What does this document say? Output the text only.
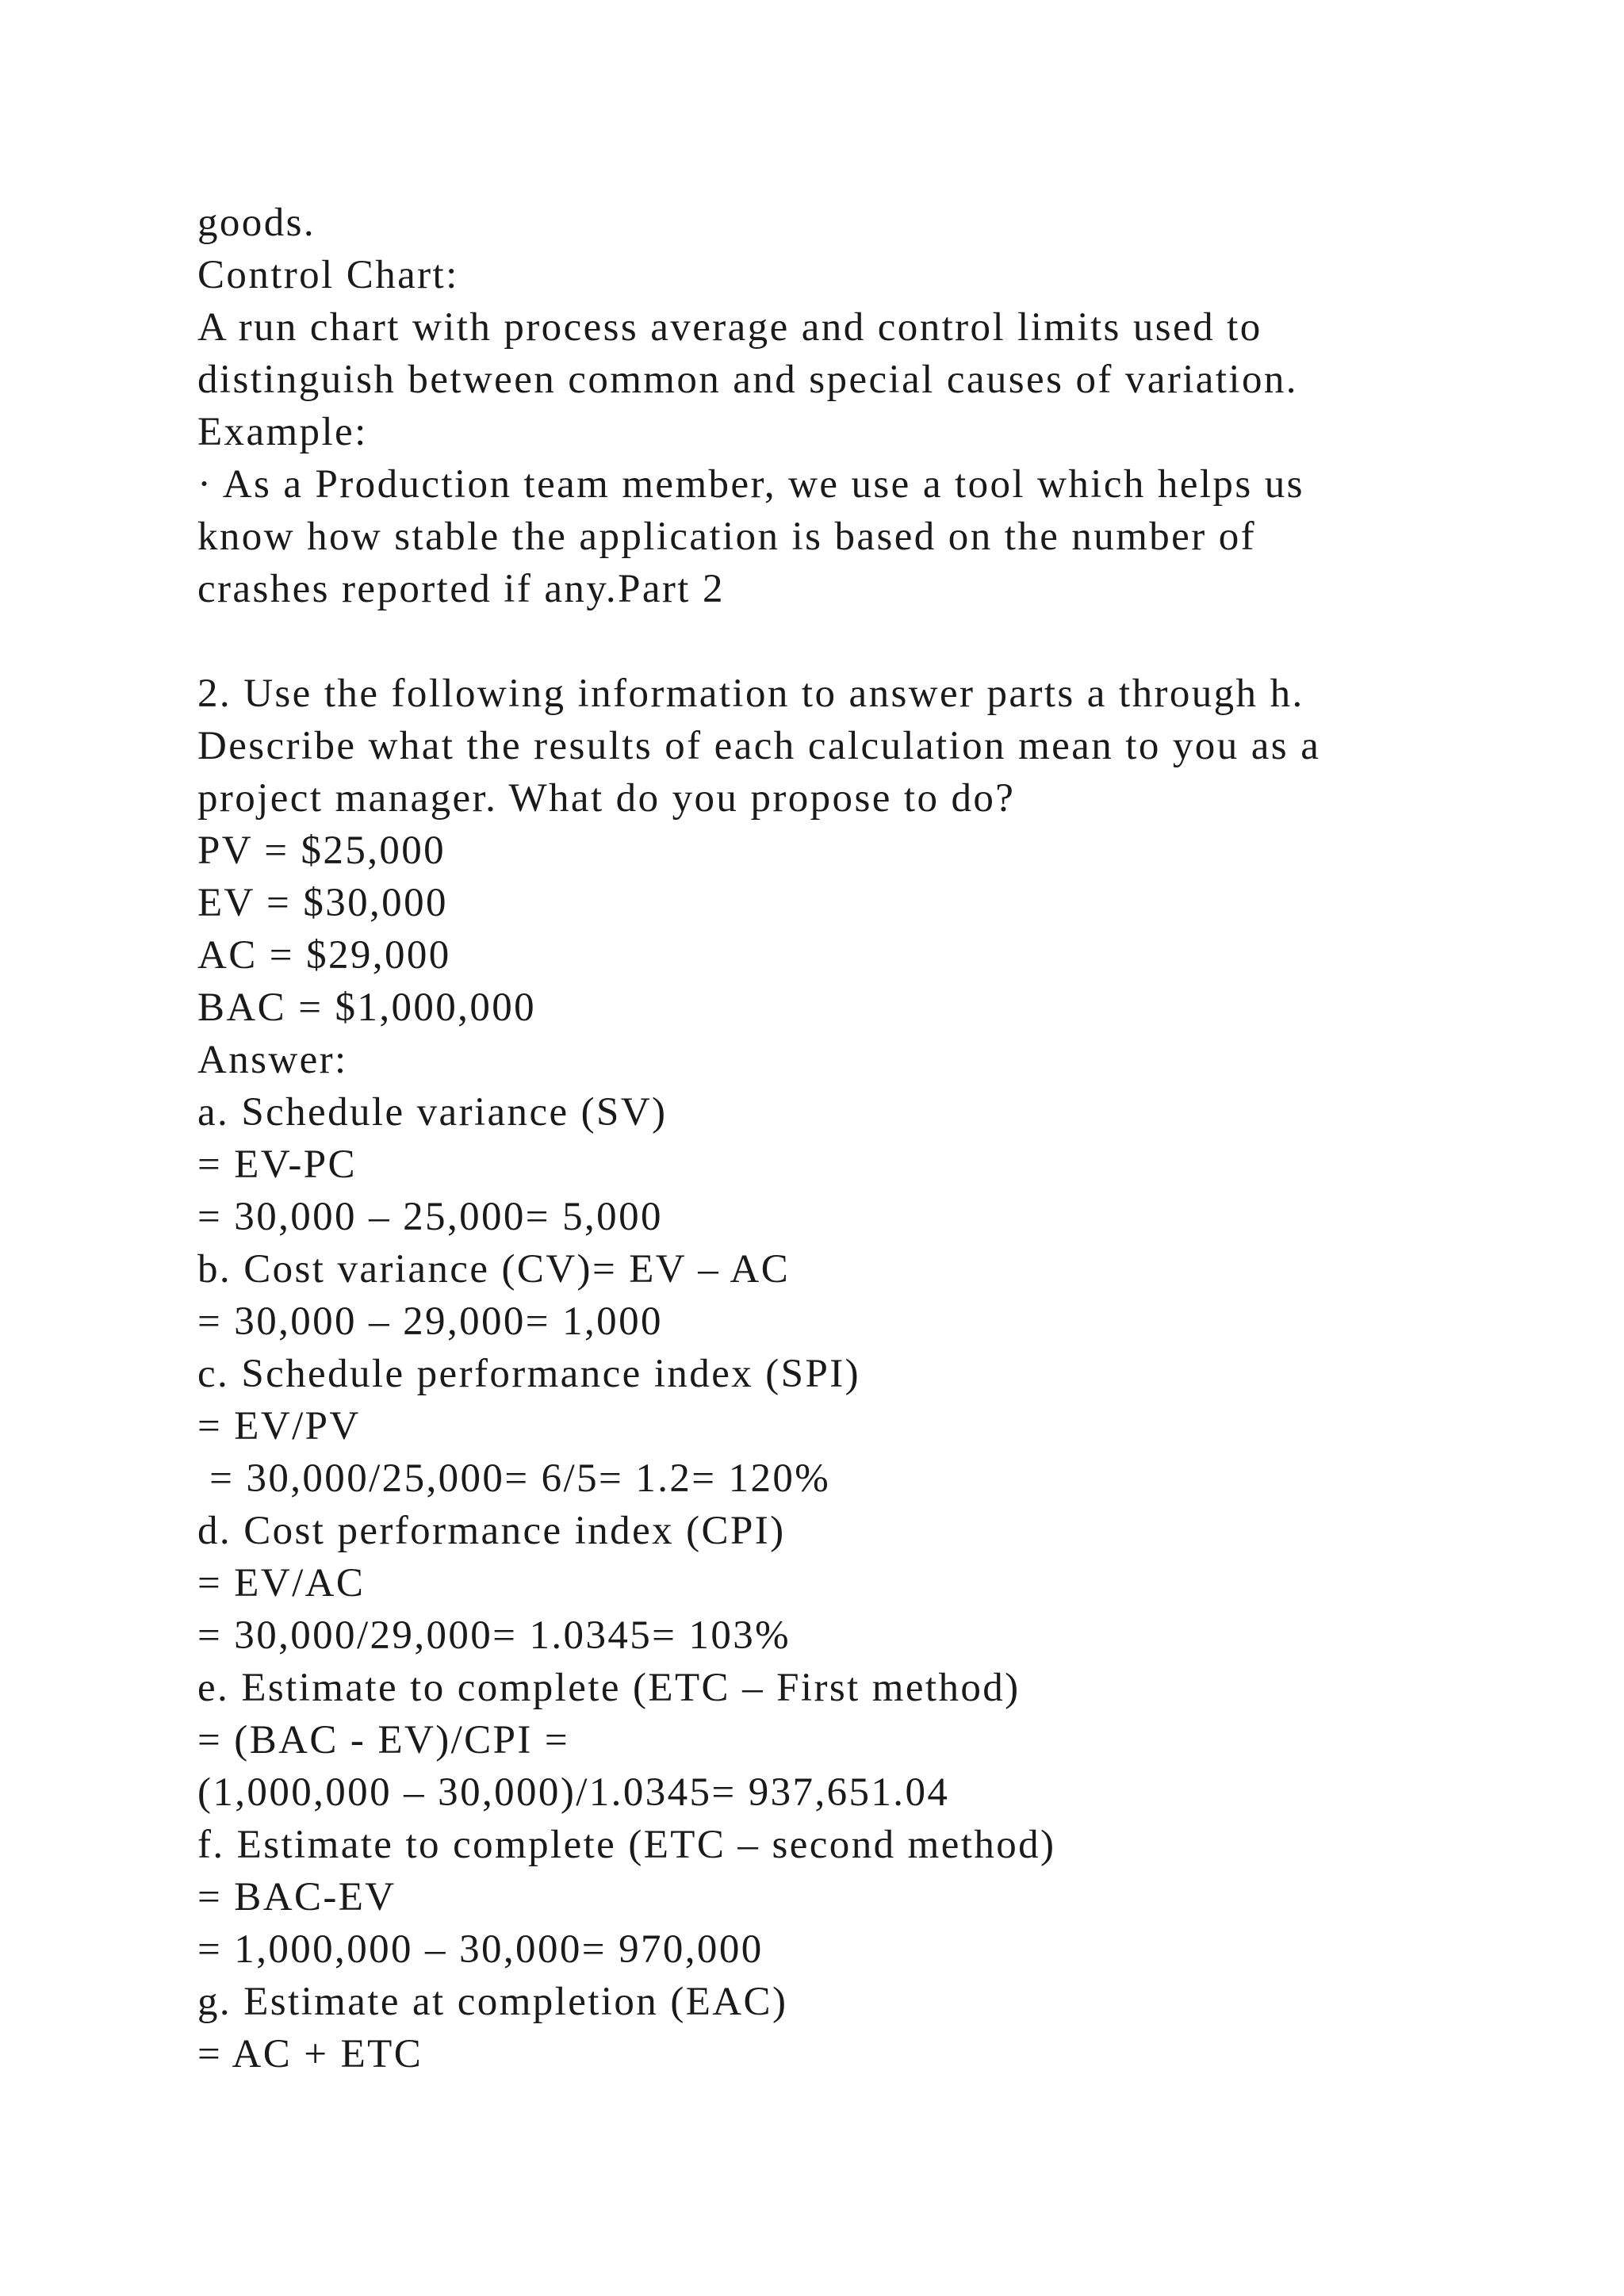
goods.
Control Chart:
A run chart with process average and control limits used to
distinguish between common and special causes of variation.
Example:
· As a Production team member, we use a tool which helps us
know how stable the application is based on the number of
crashes reported if any.Part 2
2. Use the following information to answer parts a through h.
Describe what the results of each calculation mean to you as a
project manager. What do you propose to do?
PV = $25,000
EV = $30,000
AC = $29,000
BAC = $1,000,000
Answer:
a. Schedule variance (SV)
= EV-PC
= 30,000 – 25,000= 5,000
b. Cost variance (CV)= EV – AC
= 30,000 – 29,000= 1,000
c. Schedule performance index (SPI)
= EV/PV
= 30,000/25,000= 6/5= 1.2= 120%
d. Cost performance index (CPI)
= EV/AC
= 30,000/29,000= 1.0345= 103%
e. Estimate to complete (ETC – First method)
= (BAC - EV)/CPI =
(1,000,000 – 30,000)/1.0345= 937,651.04
f. Estimate to complete (ETC – second method)
= BAC-EV
= 1,000,000 – 30,000= 970,000
g. Estimate at completion (EAC)
= AC + ETC
